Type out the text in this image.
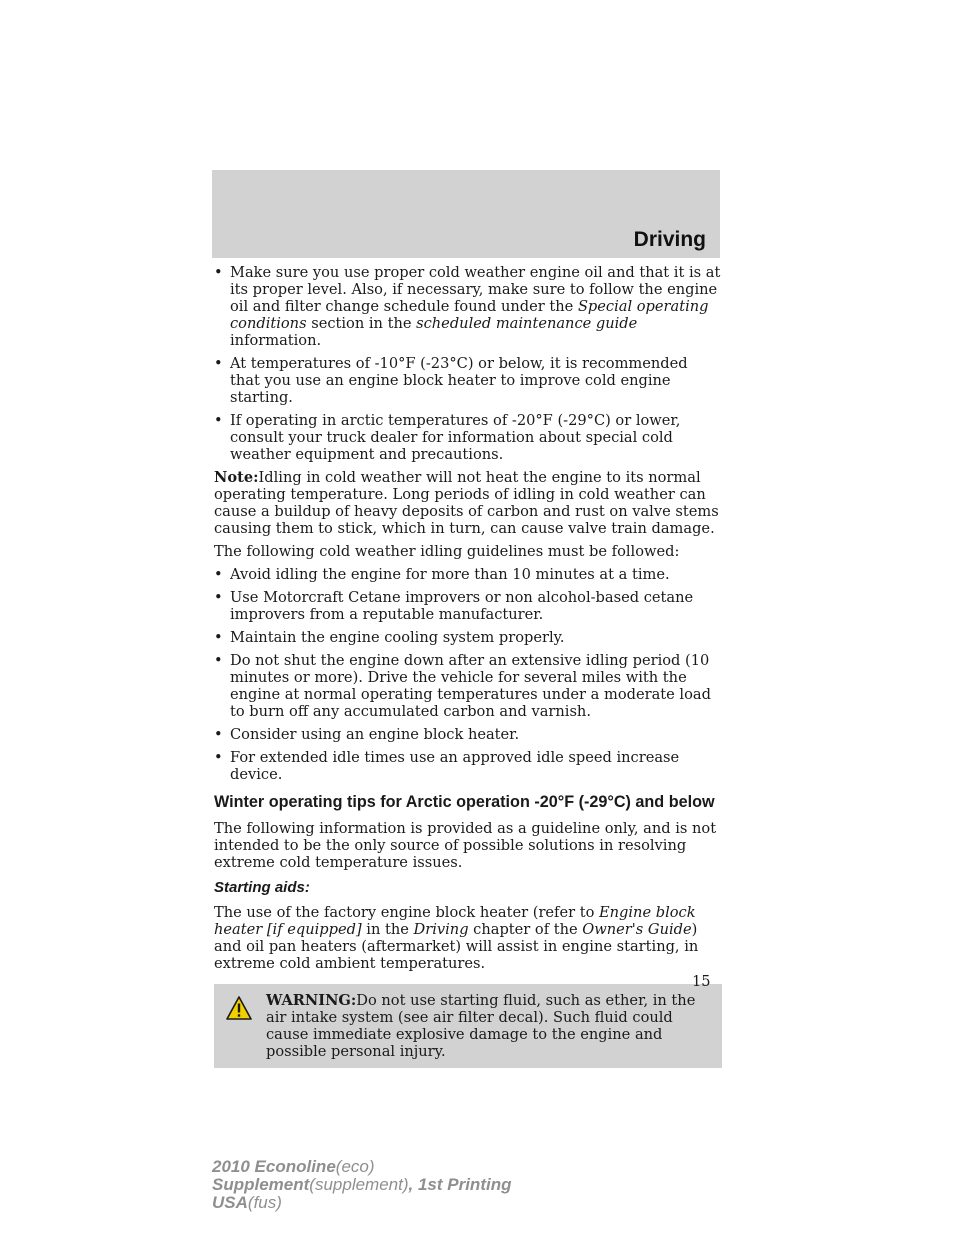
Driving
• Make sure you use proper cold weather engine oil and that it is at its proper level. Also, if necessary, make sure to follow the engine oil and filter change schedule found under the Special operating conditions section in the scheduled maintenance guide information.
• At temperatures of -10°F (-23°C) or below, it is recommended that you use an engine block heater to improve cold engine starting.
• If operating in arctic temperatures of -20°F (-29°C) or lower, consult your truck dealer for information about special cold weather equipment and precautions.

Note:Idling in cold weather will not heat the engine to its normal operating temperature. Long periods of idling in cold weather can cause a buildup of heavy deposits of carbon and rust on valve stems causing them to stick, which in turn, can cause valve train damage.

The following cold weather idling guidelines must be followed:

• Avoid idling the engine for more than 10 minutes at a time.
• Use Motorcraft Cetane improvers or non alcohol-based cetane improvers from a reputable manufacturer.
• Maintain the engine cooling system properly.
• Do not shut the engine down after an extensive idling period (10 minutes or more). Drive the vehicle for several miles with the engine at normal operating temperatures under a moderate load to burn off any accumulated carbon and varnish.
• Consider using an engine block heater.
• For extended idle times use an approved idle speed increase device.
Winter operating tips for Arctic operation -20°F (-29°C) and below

The following information is provided as a guideline only, and is not intended to be the only source of possible solutions in resolving extreme cold temperature issues.

Starting aids:

The use of the factory engine block heater (refer to Engine block heater [if equipped] in the Driving chapter of the Owner's Guide) and oil pan heaters (aftermarket) will assist in engine starting, in extreme cold ambient temperatures.

WARNING:Do not use starting fluid, such as ether, in the air intake system (see air filter decal). Such fluid could cause immediate explosive damage to the engine and possible personal injury.
15
2010 Econoline(eco)
Supplement(supplement), 1st Printing
USA(fus)
